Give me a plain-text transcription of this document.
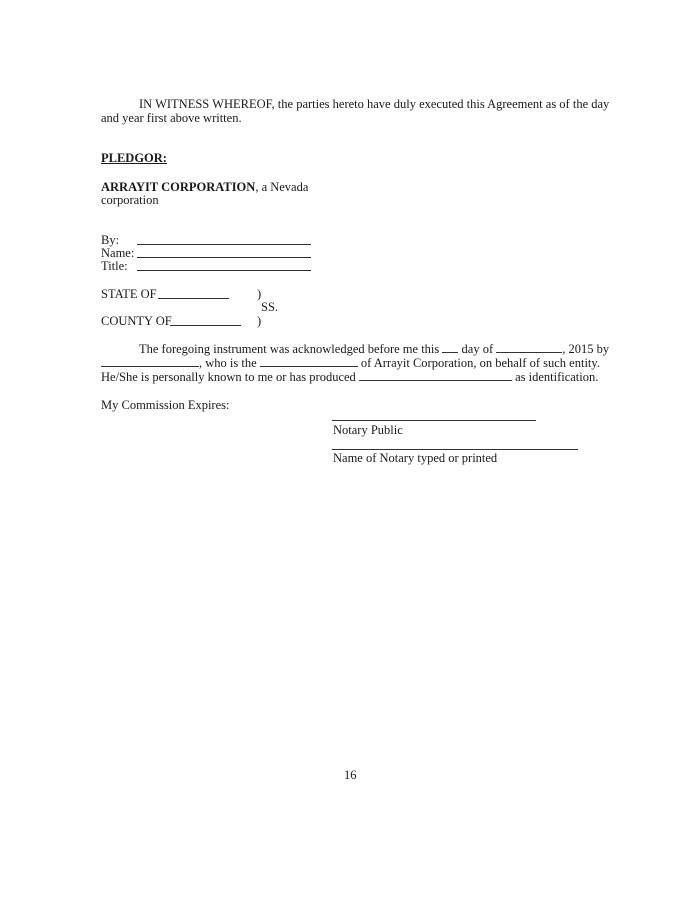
IN WITNESS WHEREOF, the parties hereto have duly executed this Agreement as of the day
and year first above written.
PLEDGOR:
ARRAYIT CORPORATION, a Nevada
corporation
By:
Name:
Title:
STATE OF	)
SS.
COUNTY OF	)
The foregoing instrument was acknowledged before me this day of	, 2015 by
, who is the	of Arrayit Corporation, on behalf of such entity.
He/She is personally known to me or has produced	as identification.
My Commission Expires:
Notary Public
Name of Notary typed or printed
16
